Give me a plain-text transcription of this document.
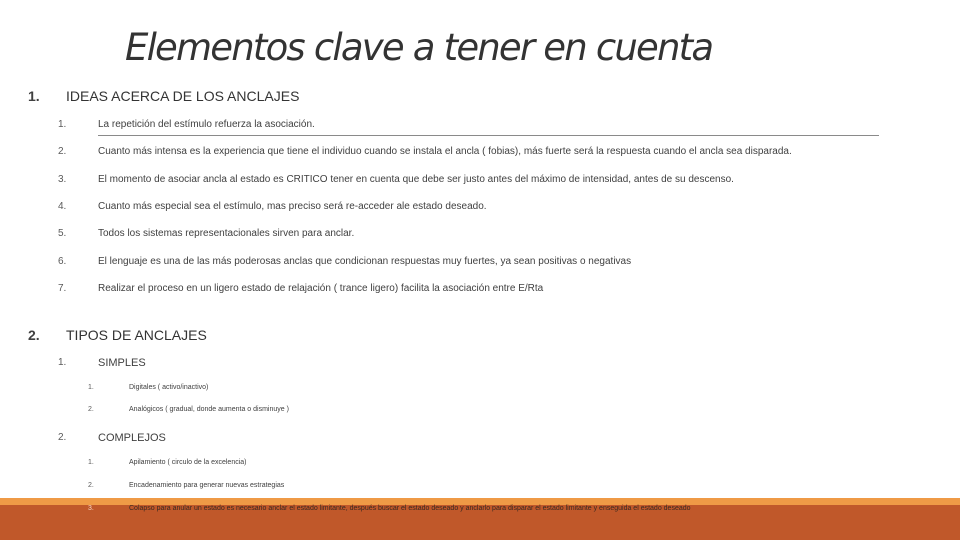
Elementos clave a tener en cuenta
1. IDEAS ACERCA DE LOS ANCLAJES
1.	La repetición del estímulo refuerza la asociación.
2.	Cuanto más intensa es la experiencia que tiene el individuo cuando se instala el ancla ( fobias), más fuerte será la respuesta cuando el ancla sea disparada.
3.	El momento de asociar ancla al estado es CRITICO tener en cuenta que debe ser justo antes del máximo de intensidad, antes de su descenso.
4.	Cuanto más especial sea el estímulo, mas preciso será re-acceder ale estado deseado.
5.	Todos los sistemas representacionales sirven para anclar.
6.	El lenguaje es una de las más poderosas anclas que condicionan respuestas muy fuertes, ya sean positivas o negativas
7.	Realizar el proceso en un ligero estado de relajación ( trance ligero) facilita la asociación entre E/Rta
2. TIPOS DE ANCLAJES
1.	SIMPLES
1.	Digitales ( activo/inactivo)
2.	Analógicos ( gradual, donde aumenta o disminuye )
2.	COMPLEJOS
1.	Apilamiento ( circulo de la excelencia)
2.	Encadenamiento para generar nuevas estrategias
3.	Colapso para anular un estado es necesario anclar el estado limitante, después buscar el estado deseado y anclarlo para disparar el estado limitante y enseguida el estado deseado
